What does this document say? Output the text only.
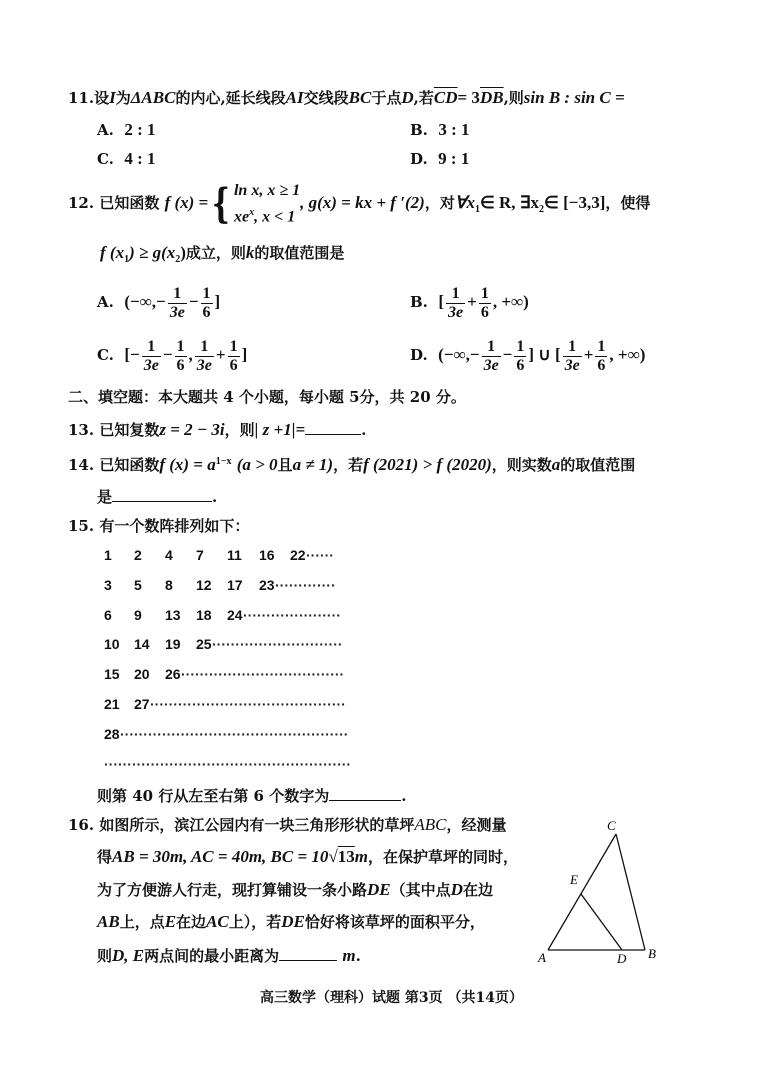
11.设I为ΔABC的内心,延长线段AI交线段BC于点D,若$\overline{CD}= 3\overline{DB}$,则sin B : sin C =
A. 2 : 1	B. 3 : 1
C. 4 : 1	D. 9 : 1
12. 已知函数 f (x) ={ ln x, x ≥ 1
$xe^x$, x < 1
, g(x) = kx + f ′(2)，对$\forall x_1\in$ R, $\exists x_2\in$ [−3,3]，使得
f $(x_1) \ge g(x_2)$成立，则k的取值范围是
A. (−∞,− $\frac{1}{3e} - \frac{1}{6}$ ]	B. [ $\frac{1}{3e} + \frac{1}{6}$ , +∞)
C. [− $\frac{1}{3e} - \frac{1}{6}$ , $\frac{1}{3e} + \frac{1}{6}$ ]	D. (−∞,− $\frac{1}{3e} - \frac{1}{6}$ ] ∪ [ $\frac{1}{3e} + \frac{1}{6}$ , +∞)
二、填空题：本大题共 4 个小题，每小题 5分，共 20 分。
13. 已知复数z = 2 − 3i，则| z +1|=	.
14. 已知函数f $(x) = a^{1-x}$ (a > 0且a ≠ 1)，若f (2021) > f (2020)，则实数a的取值范围
是	.
15. 有一个数阵排列如下：
1 2 4 7 11 16 22 ······
3 5 8 12 17 23 ·············
6 9 13 18 24 ·····················
10 14 19 25 ····························
15 20 26 ···································
21 27 ··········································
28 ·················································
·····················································
则第 40 行从左至右第 6 个数字为	.
16. 如图所示，滨江公园内有一块三角形形状的草坪ABC，经测量
得AB = 30m, AC = 40m, BC = 10√13m，在保护草坪的同时，
为了方便游人行走，现打算铺设一条小路DE（其中点D在边
AB上，点E在边AC上），若DE恰好将该草坪的面积平分，
则D, E两点间的最小距离为	m.	A	B
C
D
E
高三数学（理科）试题 第3页 （共14页）
